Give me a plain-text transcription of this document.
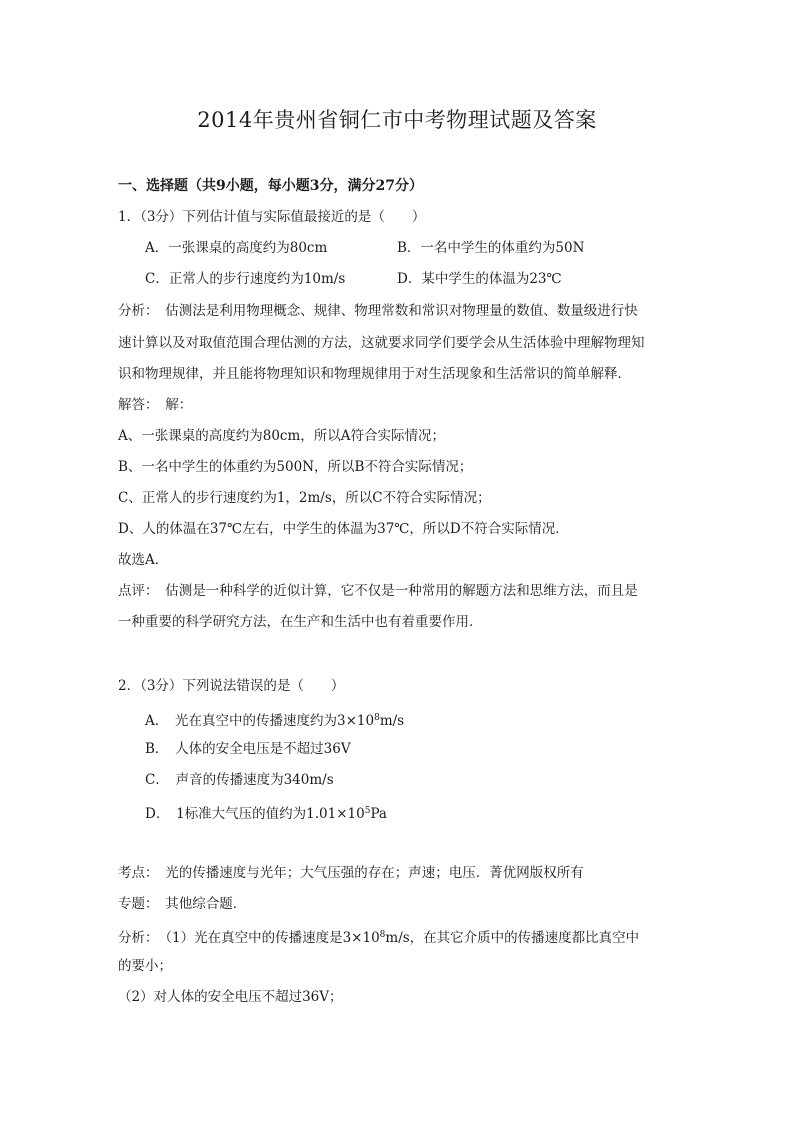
2014年贵州省铜仁市中考物理试题及答案
一、选择题（共9小题，每小题3分，满分27分）
1．（3分）下列估计值与实际值最接近的是（　　）
A．一张课桌的高度约为80cm	B．一名中学生的体重约为50N
C．正常人的步行速度约为10m/s	D．某中学生的体温为23℃
分析：　估测法是利用物理概念、规律、物理常数和常识对物理量的数值、数量级进行快
速计算以及对取值范围合理估测的方法，这就要求同学们要学会从生活体验中理解物理知
识和物理规律，并且能将物理知识和物理规律用于对生活现象和生活常识的简单解释．
解答：　解：
A、一张课桌的高度约为80cm，所以A符合实际情况；
B、一名中学生的体重约为500N，所以B不符合实际情况；
C、正常人的步行速度约为1，2m/s，所以C不符合实际情况；
D、人的体温在37℃左右，中学生的体温为37℃，所以D不符合实际情况．
故选A．
点评：　估测是一种科学的近似计算，它不仅是一种常用的解题方法和思维方法，而且是
一种重要的科学研究方法，在生产和生活中也有着重要作用．
2．（3分）下列说法错误的是（　　）
A．　光在真空中的传播速度约为$3\times 10^8m/s$
B．　人体的安全电压是不超过36V
C．　声音的传播速度为340m/s
D．　1标准大气压的值约为$1.01\times 10^5Pa$
考点：　光的传播速度与光年；大气压强的存在；声速；电压．菁优网版权所有
专题：　其他综合题．
分析：　（1）光在真空中的传播速度是$3\times 10^8m/s$，在其它介质中的传播速度都比真空中
的要小；
（2）对人体的安全电压不超过36V；
